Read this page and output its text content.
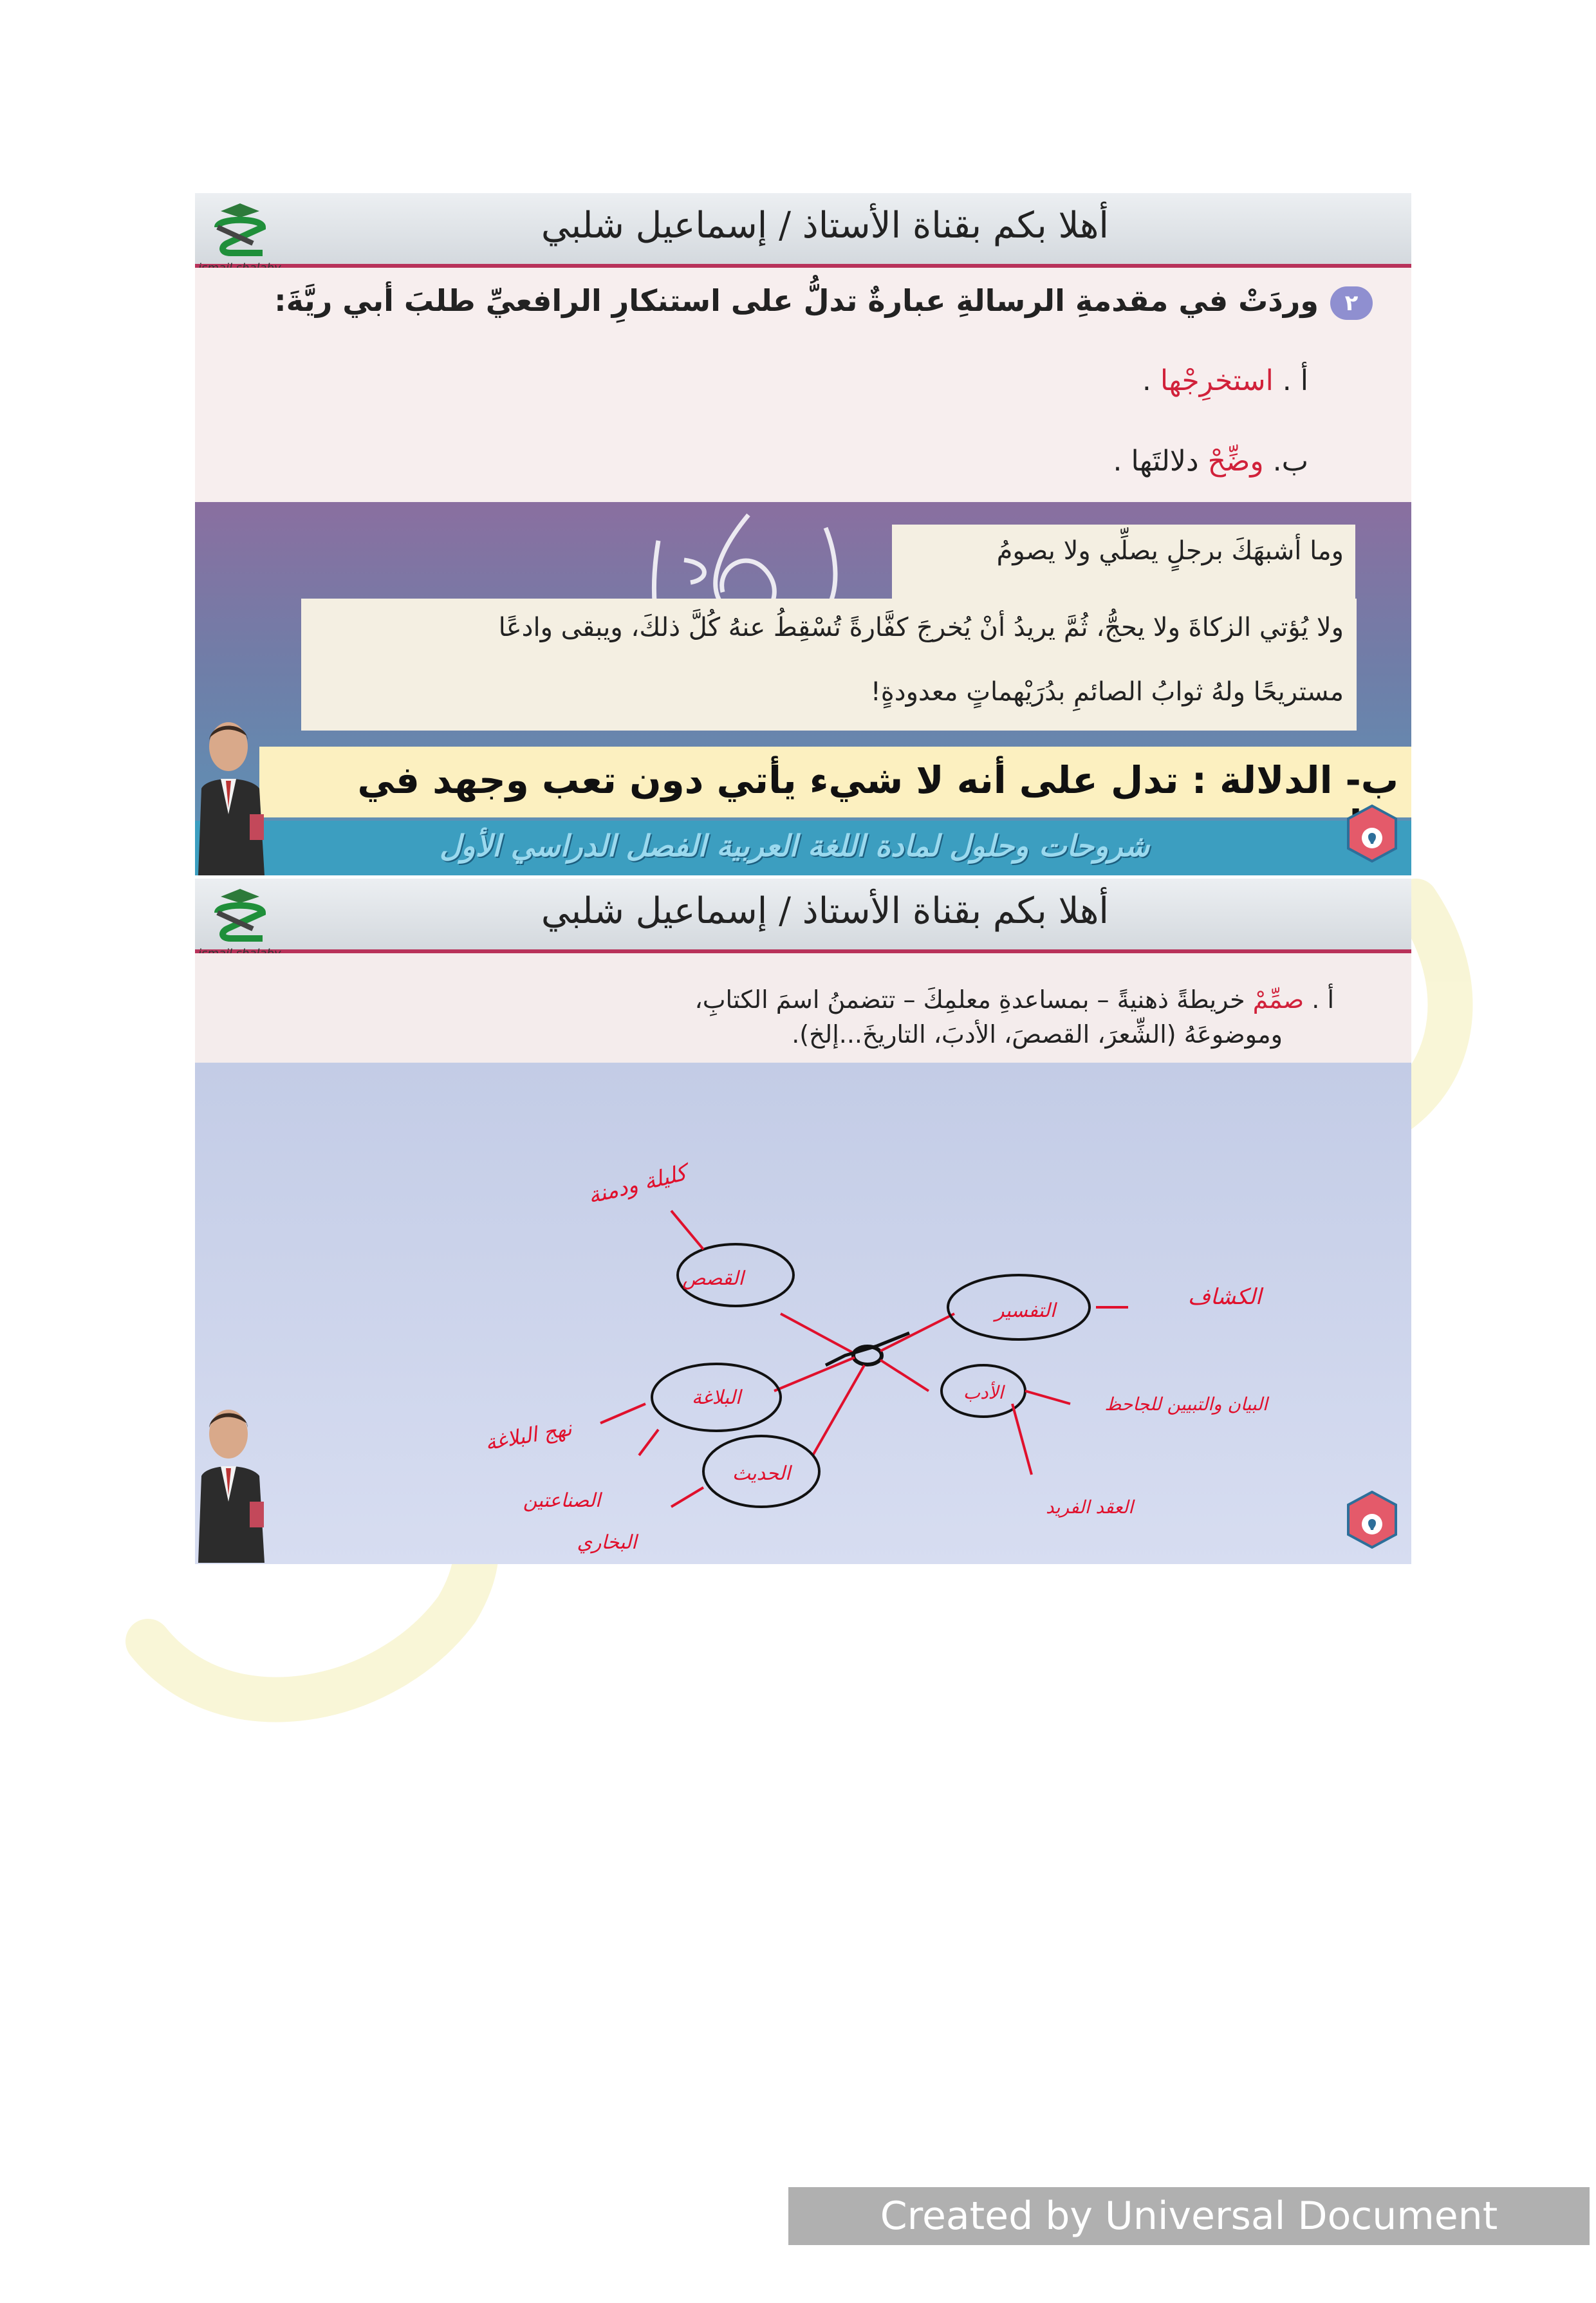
أهلا بكم بقناة الأستاذ / إسماعيل شلبي
٢وردَتْ في مقدمةِ الرسالةِ عبارةٌ تدلُّ على استنكارِ الرافعيِّ طلبَ أبي ريَّةَ:
أ . استخرِجْها .
ب. وضِّحْ دلالتَها .
وما أشبهَكَ برجلٍ يصلِّي ولا يصومُ
ولا يُؤتي الزكاةَ ولا يحجُّ، ثُمَّ يريدُ أنْ يُخرجَ كفَّارةً تُسْقِطُ عنهُ كُلَّ ذلكَ، ويبقى وادعًا
مستريحًا ولهُ ثوابُ الصائمِ بدُرَيْهماتٍ معدودةٍ!
ب- الدلالة : تدل على أنه لا شيء يأتي دون تعب وجهد في
شروحات وحلول لمادة اللغة العربية الفصل الدراسي الأول
أهلا بكم بقناة الأستاذ / إسماعيل شلبي
أ . صمِّمْ خريطةً ذهنيةً – بمساعدةِ معلمِكَ – تتضمنُ اسمَ الكتابِ،
وموضوعَهُ (الشِّعرَ، القصصَ، الأدبَ، التاريخَ...إلخ).
القصص
التفسير
الأدب
البلاغة
الحديث
كليلة ودمنة
الكشاف
البيان والتبيين للجاحظ
العقد الفريد
نهج البلاغة
الصناعتين
البخاري
Created by Universal Document Converter
